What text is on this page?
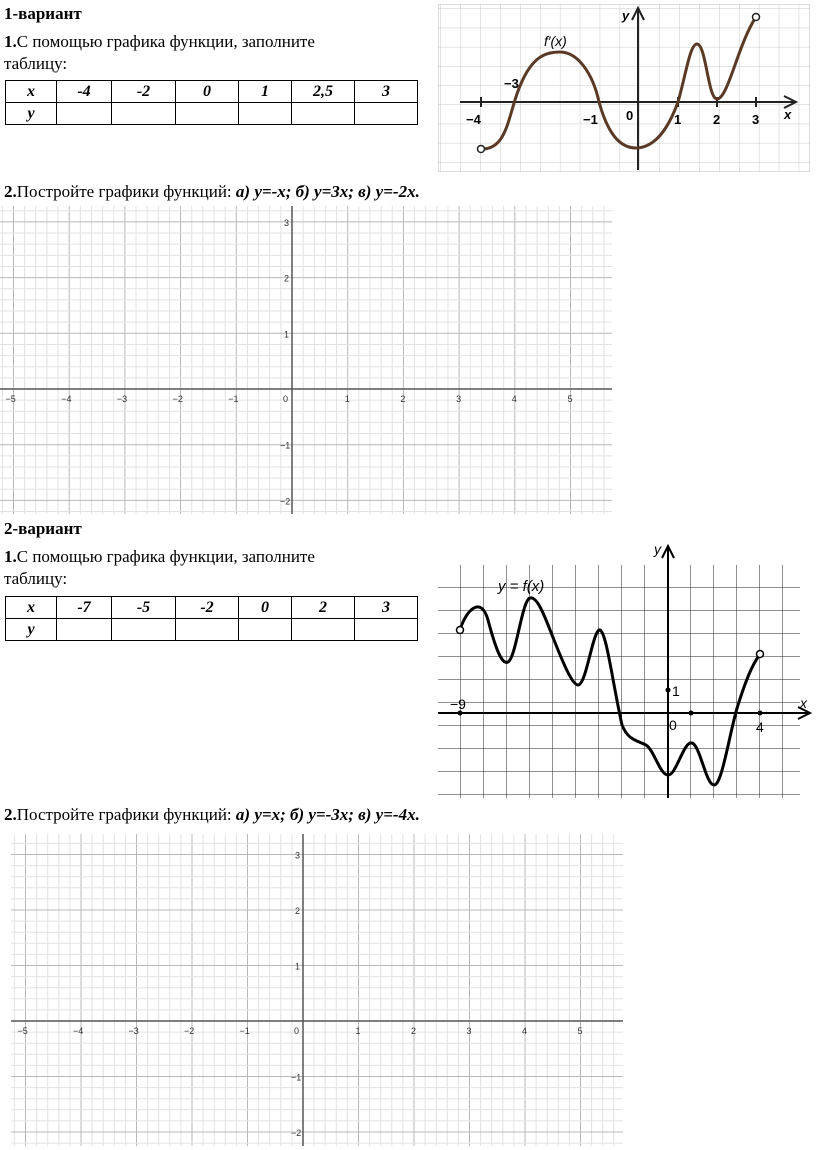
1-вариант
1.С помощью графика функции, заполните
таблицу:
x	-4	-2	0	1	2,5	3
y						
f′(x)
−3
−4	−1 0	1 2 3 x
y
2.Постройте графики функций: а) y=-x; б) y=3x; в) y=-2x.
−5	−4	−3	−2	−1	0	1	2	3	4	5
3
2
1
−1
−2
2-вариант
1.С помощью графика функции, заполните
таблицу:
x	-7	-5	-2	0	2	3
y						
y = f(x)
−9
1
0	4
x
y
2.Постройте графики функций: а) y=x; б) y=-3x; в) y=-4x.
−5	−4	−3	−2	−1	0	1	2	3	4	5
3
2
1
−1
−2
